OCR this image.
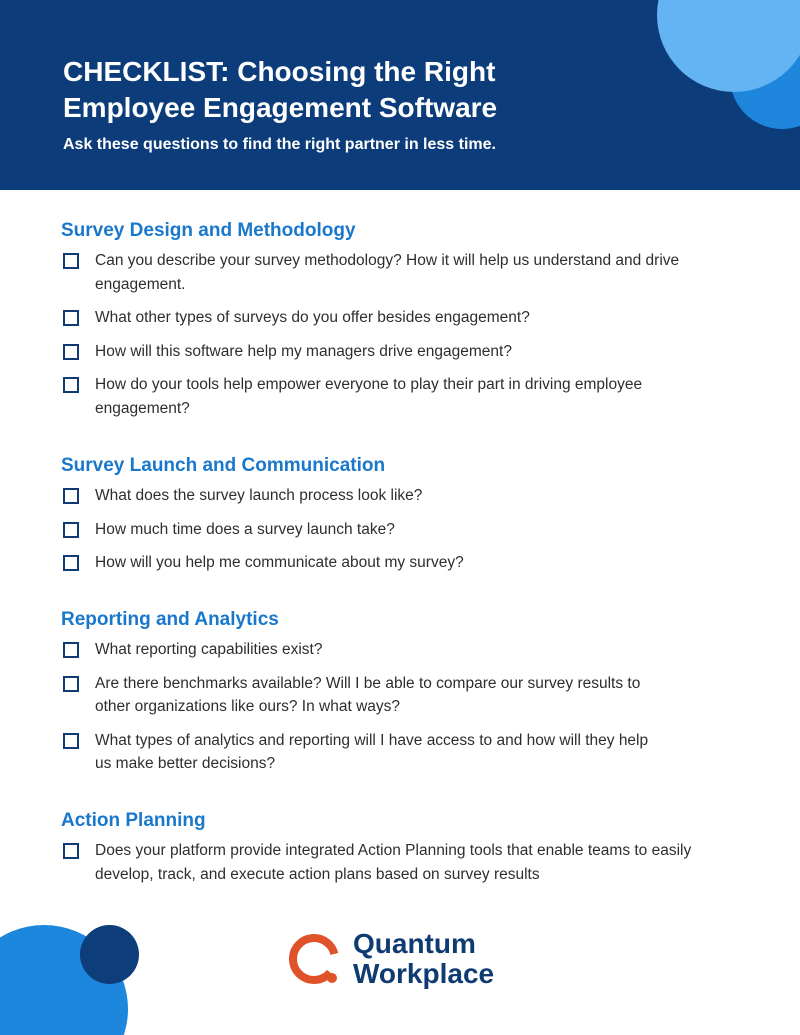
CHECKLIST: Choosing the Right Employee Engagement Software

Ask these questions to find the right partner in less time.

Survey Design and Methodology
Can you describe your survey methodology? How it will help us understand and drive engagement.
What other types of surveys do you offer besides engagement?
How will this software help my managers drive engagement?
How do your tools help empower everyone to play their part in driving employee engagement?
Survey Launch and Communication
What does the survey launch process look like?
How much time does a survey launch take?
How will you help me communicate about my survey?
Reporting and Analytics
What reporting capabilities exist?
Are there benchmarks available? Will I be able to compare our survey results to other organizations like ours? In what ways?
What types of analytics and reporting will I have access to and how will they help us make better decisions?
Action Planning
Does your platform provide integrated Action Planning tools that enable teams to easily develop, track, and execute action plans based on survey results
Quantum
Workplace
